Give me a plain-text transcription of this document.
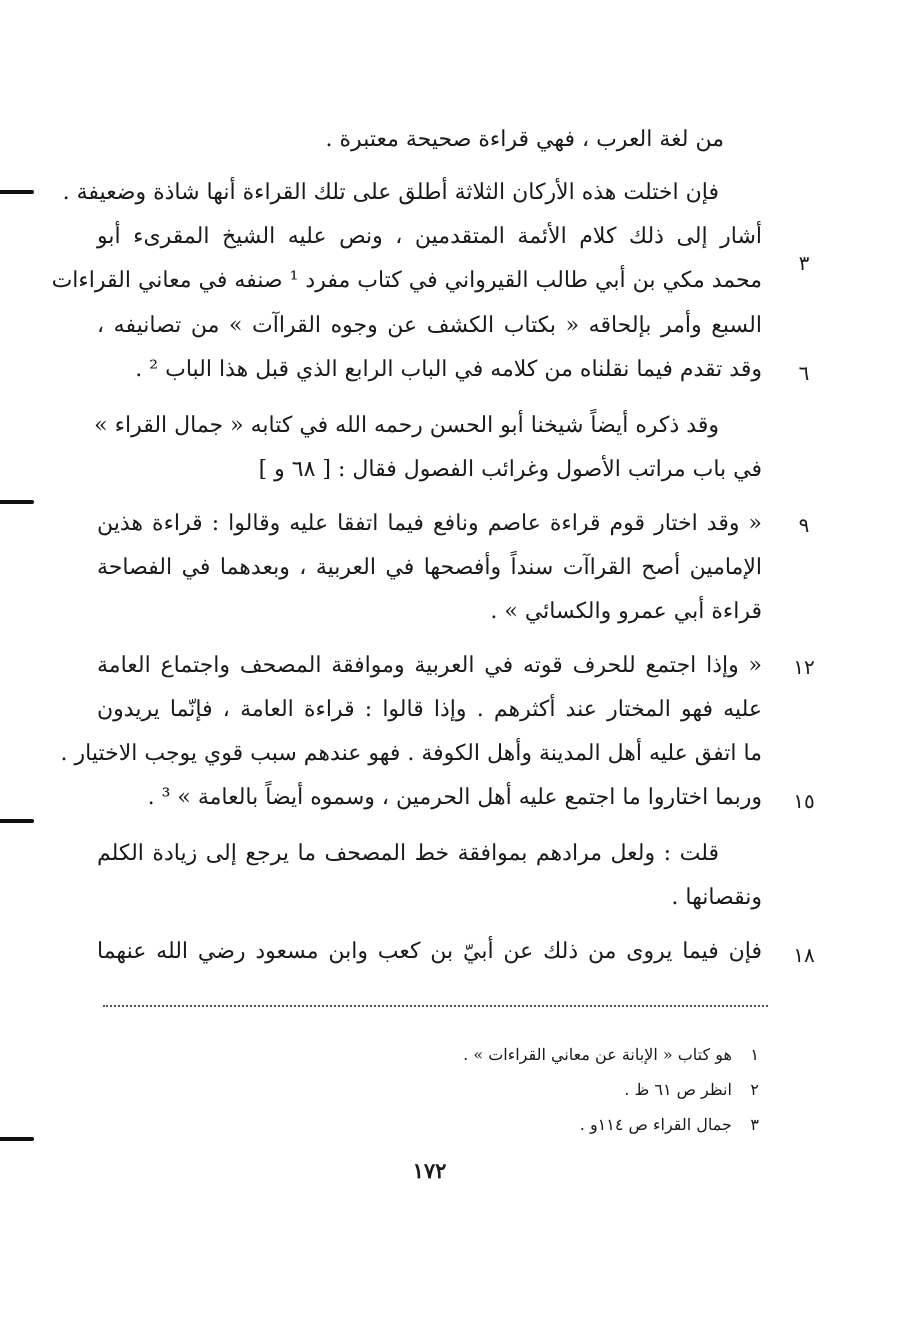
من لغة العرب ، فهي قراءة صحيحة معتبرة .
فإن اختلت هذه الأركان الثلاثة أطلق على تلك القراءة أنها شاذة وضعيفة .
أشار إلى ذلك كلام الأئمة المتقدمين ، ونص عليه الشيخ المقرىء أبو
محمد مكي بن أبي طالب القيرواني في كتاب مفرد ¹ صنفه في معاني القراءات
السبع وأمر بإلحاقه « بكتاب الكشف عن وجوه القراآت » من تصانيفه ،
وقد تقدم فيما نقلناه من كلامه في الباب الرابع الذي قبل هذا الباب ² .
وقد ذكره أيضاً شيخنا أبو الحسن رحمه الله في كتابه « جمال القراء »
في باب مراتب الأصول وغرائب الفصول فقال : [ ٦٨ و ]
« وقد اختار قوم قراءة عاصم ونافع فيما اتفقا عليه وقالوا : قراءة هذين
الإمامين أصح القراآت سنداً وأفصحها في العربية ، وبعدهما في الفصاحة
قراءة أبي عمرو والكسائي » .
« وإذا اجتمع للحرف قوته في العربية وموافقة المصحف واجتماع العامة
عليه فهو المختار عند أكثرهم . وإذا قالوا : قراءة العامة ، فإنّما يريدون
ما اتفق عليه أهل المدينة وأهل الكوفة . فهو عندهم سبب قوي يوجب الاختيار .
وربما اختاروا ما اجتمع عليه أهل الحرمين ، وسموه أيضاً بالعامة » ³ .
قلت : ولعل مرادهم بموافقة خط المصحف ما يرجع إلى زيادة الكلم
ونقصانها .
فإن فيما يروى من ذلك عن أبيّ بن كعب وابن مسعود رضي الله عنهما
٣
٦
٩
١٢
١٥
١٨
١ هو كتاب « الإبانة عن معاني القراءات » .
٢ انظر ص ٦١ ظ .
٣ جمال القراء ص ١١٤و .
١٧٢
